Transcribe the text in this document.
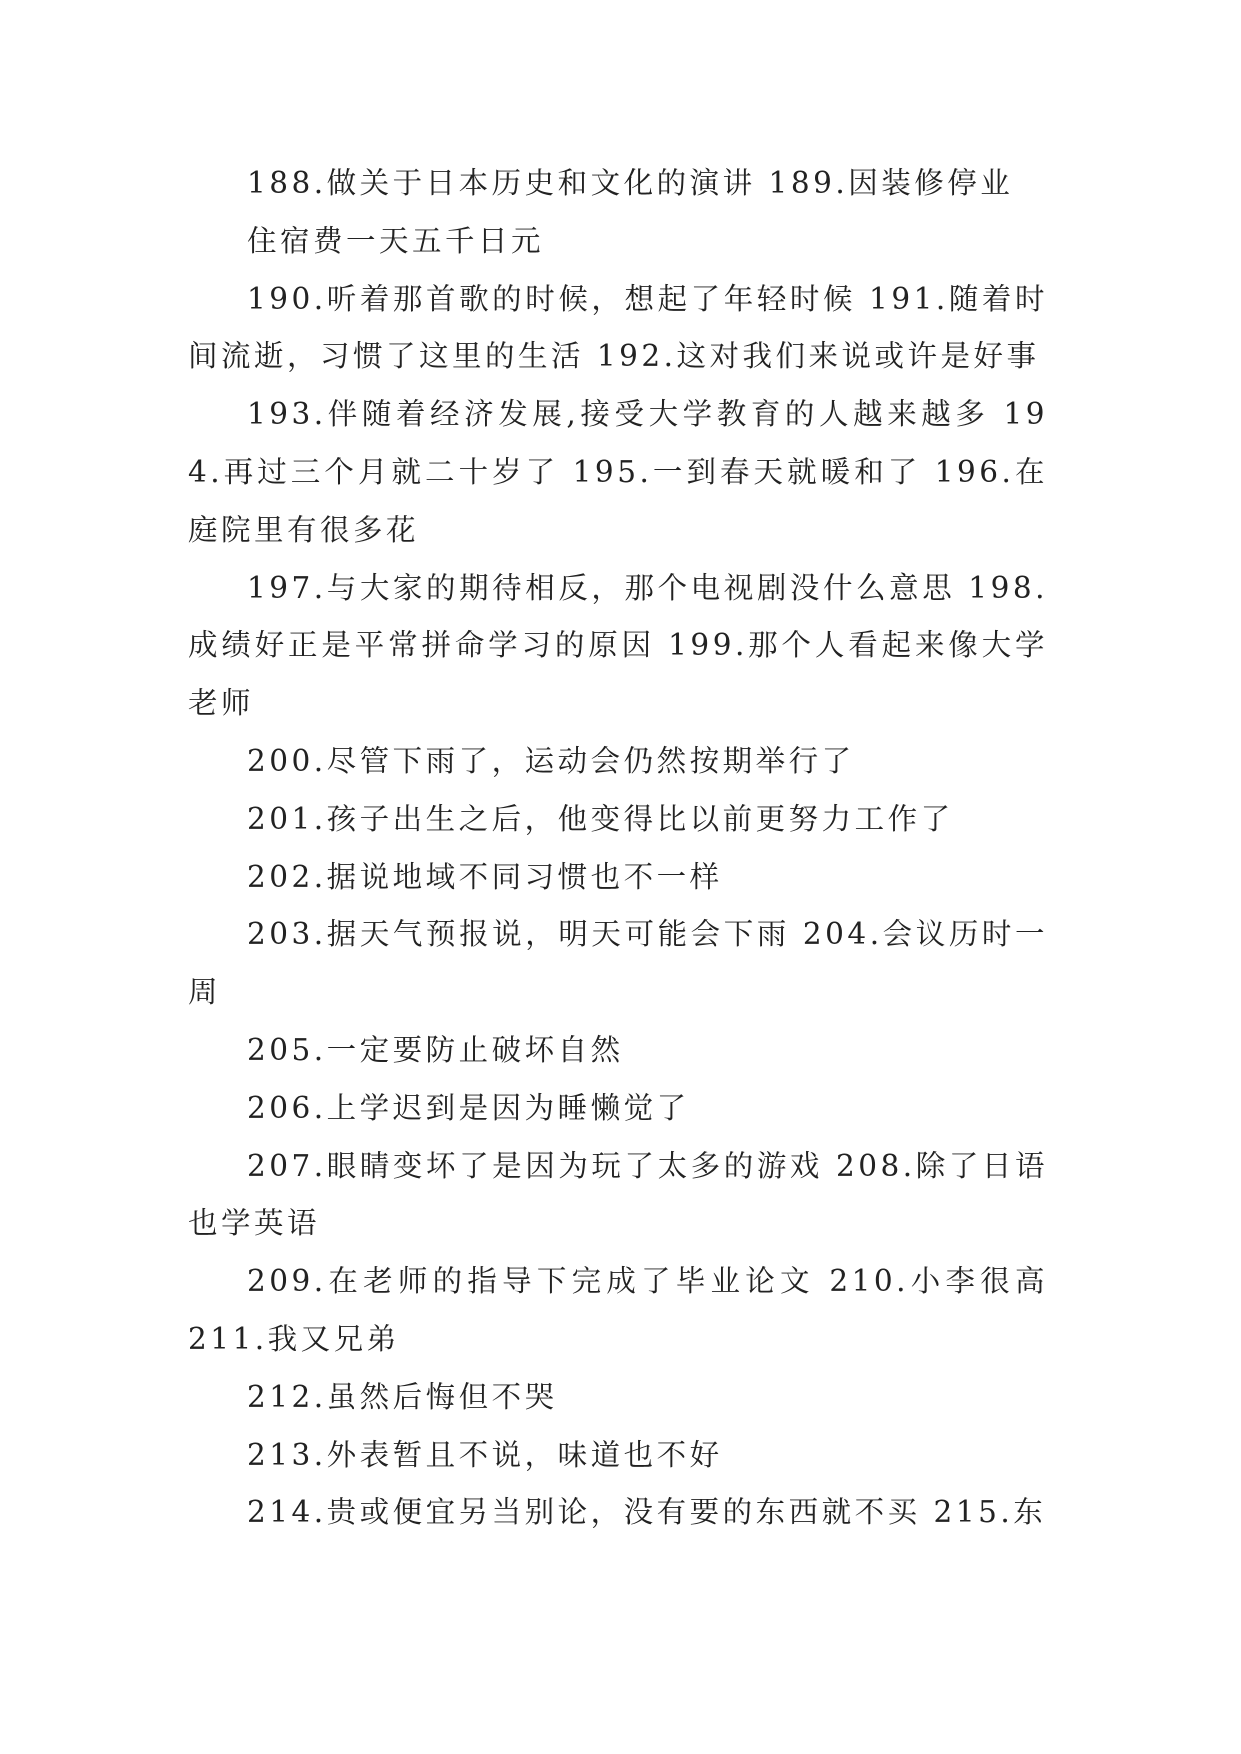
188.做关于日本历史和文化的演讲 189.因装修停业

住宿费一天五千日元

190.听着那首歌的时候，想起了年轻时候 191.随着时间流逝，习惯了这里的生活 192.这对我们来说或许是好事

193.伴随着经济发展,接受大学教育的人越来越多 194.再过三个月就二十岁了 195.一到春天就暖和了 196.在庭院里有很多花

197.与大家的期待相反，那个电视剧没什么意思 198.成绩好正是平常拼命学习的原因 199.那个人看起来像大学老师

200.尽管下雨了，运动会仍然按期举行了

201.孩子出生之后，他变得比以前更努力工作了

202.据说地域不同习惯也不一样

203.据天气预报说，明天可能会下雨 204.会议历时一周

205.一定要防止破坏自然

206.上学迟到是因为睡懒觉了

207.眼睛变坏了是因为玩了太多的游戏 208.除了日语也学英语

209.在老师的指导下完成了毕业论文 210.小李很高 211.我又兄弟

212.虽然后悔但不哭

213.外表暂且不说，味道也不好

214.贵或便宜另当别论，没有要的东西就不买 215.东
